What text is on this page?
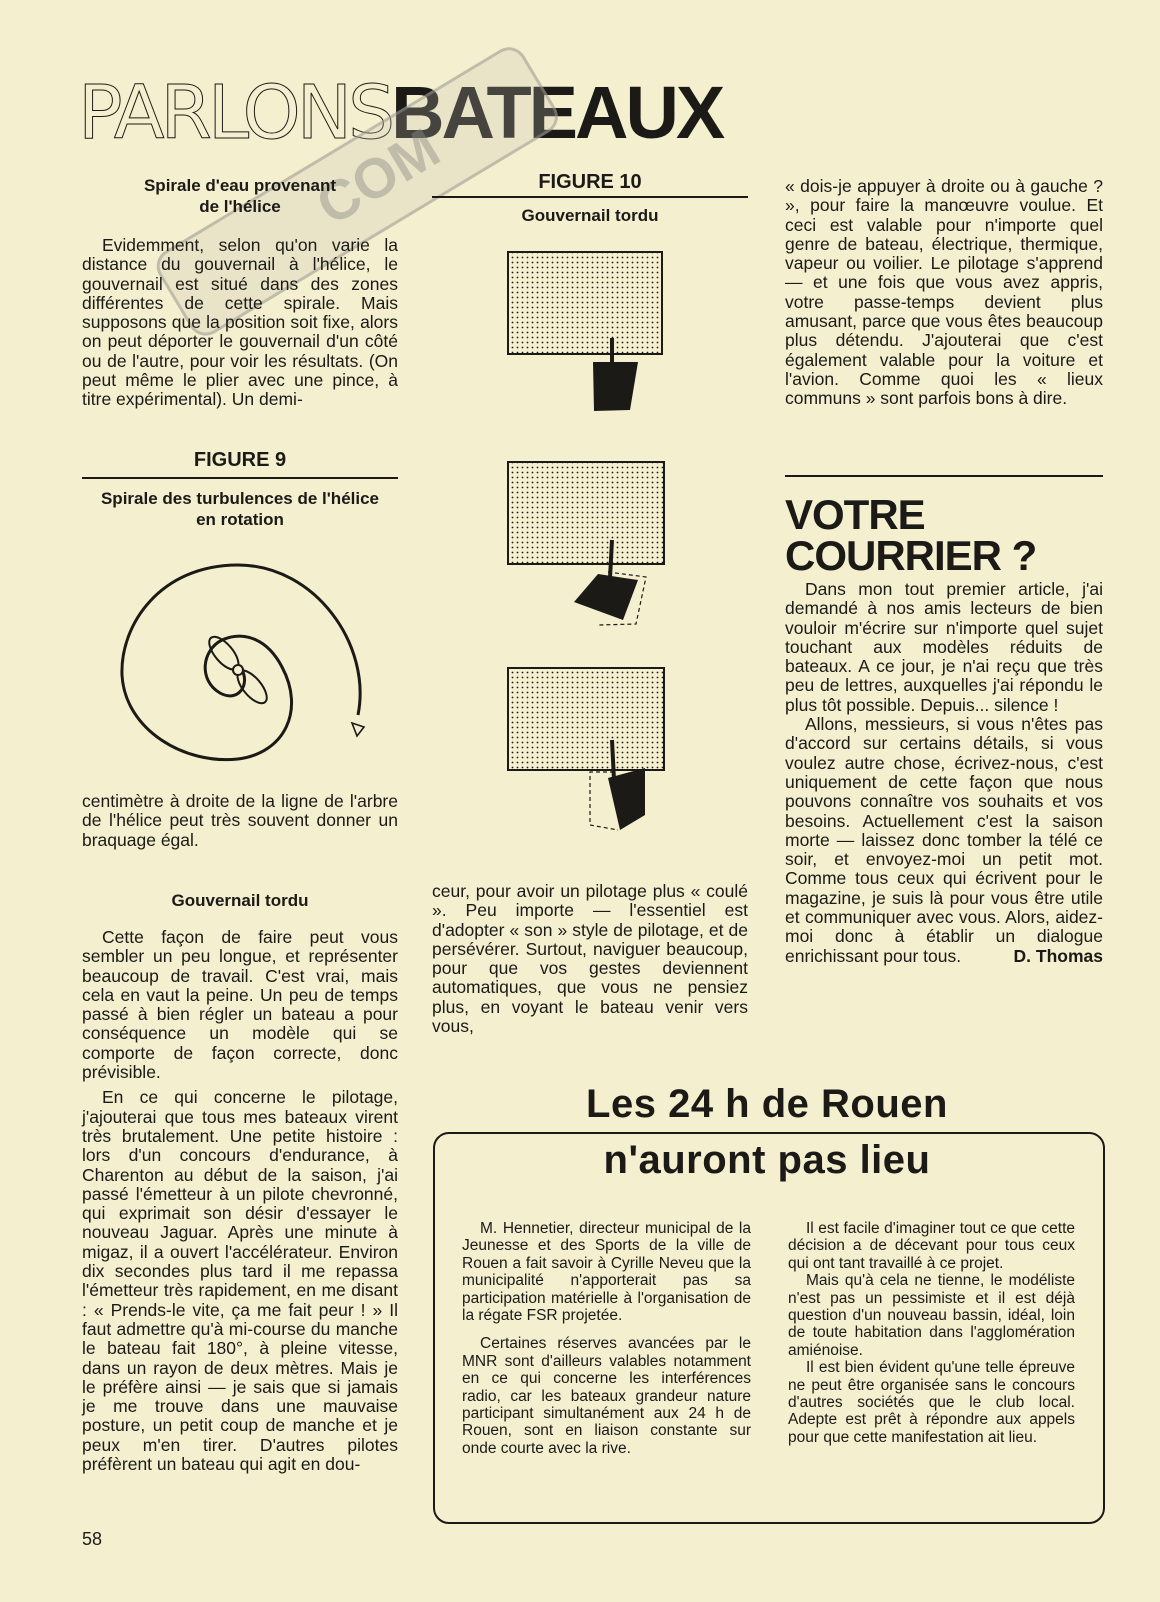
PARLONSBATEAUX
COM
Spirale d'eau provenant
de l'hélice

Evidemment, selon qu'on varie la distance du gouvernail à l'hélice, le gouvernail est situé dans des zones différentes de cette spirale. Mais supposons que la position soit fixe, alors on peut déporter le gouvernail d'un côté ou de l'autre, pour voir les résultats. (On peut même le plier avec une pince, à titre expérimental). Un demi-

FIGURE 9
Spirale des turbulences de l'hélice
en rotation

centimètre à droite de la ligne de l'arbre de l'hélice peut très souvent donner un braquage égal.

Gouvernail tordu

Cette façon de faire peut vous sembler un peu longue, et représenter beaucoup de travail. C'est vrai, mais cela en vaut la peine. Un peu de temps passé à bien régler un bateau a pour conséquence un modèle qui se comporte de façon correcte, donc prévisible.

En ce qui concerne le pilotage, j'ajouterai que tous mes bateaux virent très brutalement. Une petite histoire : lors d'un concours d'endurance, à Charenton au début de la saison, j'ai passé l'émetteur à un pilote chevronné, qui exprimait son désir d'essayer le nouveau Jaguar. Après une minute à migaz, il a ouvert l'accélérateur. Environ dix secondes plus tard il me repassa l'émetteur très rapidement, en me disant : « Prends-le vite, ça me fait peur ! » Il faut admettre qu'à mi-course du manche le bateau fait 180°, à pleine vitesse, dans un rayon de deux mètres. Mais je le préfère ainsi — je sais que si jamais je me trouve dans une mauvaise posture, un petit coup de manche et je peux m'en tirer. D'autres pilotes préfèrent un bateau qui agit en dou-

58
FIGURE 10
Gouvernail tordu

ceur, pour avoir un pilotage plus « coulé ». Peu importe — l'essentiel est d'adopter « son » style de pilotage, et de persévérer. Surtout, naviguer beaucoup, pour que vos gestes deviennent automatiques, que vous ne pensiez plus, en voyant le bateau venir vers vous,

« dois-je appuyer à droite ou à gauche ? », pour faire la manœuvre voulue. Et ceci est valable pour n'importe quel genre de bateau, électrique, thermique, vapeur ou voilier. Le pilotage s'apprend — et une fois que vous avez appris, votre passe-temps devient plus amusant, parce que vous êtes beaucoup plus détendu. J'ajouterai que c'est également valable pour la voiture et l'avion. Comme quoi les « lieux communs » sont parfois bons à dire.

VOTRE
COURRIER ?

Dans mon tout premier article, j'ai demandé à nos amis lecteurs de bien vouloir m'écrire sur n'importe quel sujet touchant aux modèles réduits de bateaux. A ce jour, je n'ai reçu que très peu de lettres, auxquelles j'ai répondu le plus tôt possible. Depuis... silence !

Allons, messieurs, si vous n'êtes pas d'accord sur certains détails, si vous voulez autre chose, écrivez-nous, c'est uniquement de cette façon que nous pouvons connaître vos souhaits et vos besoins. Actuellement c'est la saison morte — laissez donc tomber la télé ce soir, et envoyez-moi un petit mot. Comme tous ceux qui écrivent pour le magazine, je suis là pour vous être utile et communiquer avec vous. Alors, aidez-moi donc à établir un dialogue enrichissant pour tous.	D. Thomas
Les 24 h de Rouen
n'auront pas lieu

M. Hennetier, directeur municipal de la Jeunesse et des Sports de la ville de Rouen a fait savoir à Cyrille Neveu que la municipalité n'apporterait pas sa participation matérielle à l'organisation de la régate FSR projetée.

Certaines réserves avancées par le MNR sont d'ailleurs valables notamment en ce qui concerne les interférences radio, car les bateaux grandeur nature participant simultanément aux 24 h de Rouen, sont en liaison constante sur onde courte avec la rive.

Il est facile d'imaginer tout ce que cette décision a de décevant pour tous ceux qui ont tant travaillé à ce projet.

Mais qu'à cela ne tienne, le modéliste n'est pas un pessimiste et il est déjà question d'un nouveau bassin, idéal, loin de toute habitation dans l'agglomération amiénoise.

Il est bien évident qu'une telle épreuve ne peut être organisée sans le concours d'autres sociétés que le club local. Adepte est prêt à répondre aux appels pour que cette manifestation ait lieu.
